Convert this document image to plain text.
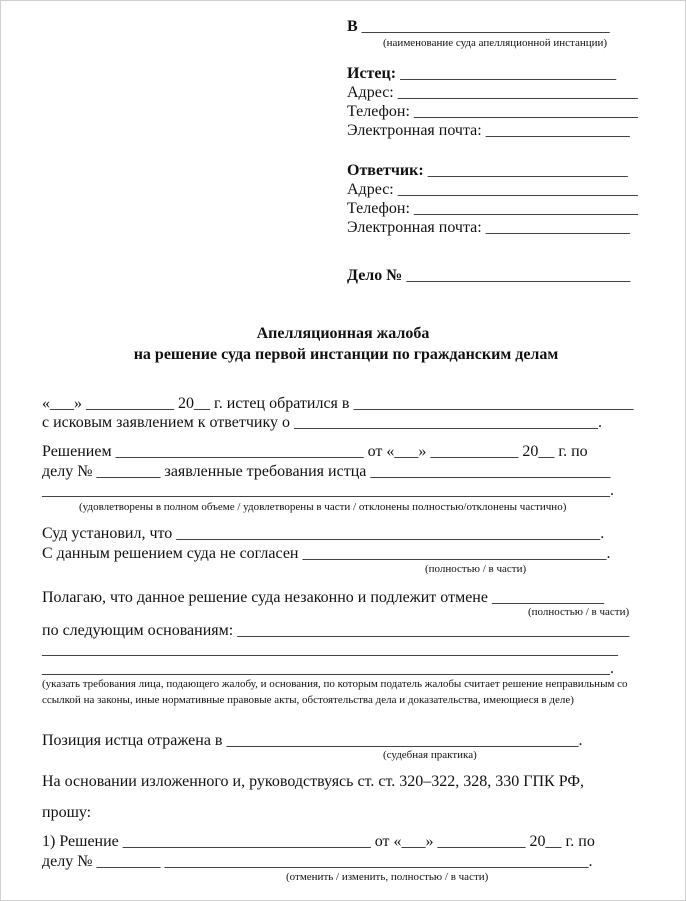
В _______________________________
(наименование суда апелляционной инстанции)
Истец: ___________________________
Адрес: ______________________________
Телефон: ____________________________
Электронная почта: __________________
Ответчик: _________________________
Адрес: ______________________________
Телефон: ____________________________
Электронная почта: __________________
Дело № ____________________________
Апелляционная жалоба
на решение суда первой инстанции по гражданским делам
«___» ___________ 20__ г. истец обратился в ___________________________________
с исковым заявлением к ответчику о ______________________________________.
Решением _______________________________ от «___» ___________ 20__ г. по
делу № ________ заявленные требования истца ______________________________
_______________________________________________________________________.
(удовлетворены в полном объеме / удовлетворены в части / отклонены полностью/отклонены частично)
Суд установил, что _____________________________________________________.
С данным решением суда не согласен ______________________________________.
(полностью / в части)
Полагаю, что данное решение суда незаконно и подлежит отмене ______________
(полностью / в части)
по следующим основаниям: _________________________________________________
________________________________________________________________________
_______________________________________________________________________.
(указать требования лица, подающего жалобу, и основания, по которым податель жалобы считает решение неправильным со ссылкой на законы, иные нормативные правовые акты, обстоятельства дела и доказательства, имеющиеся в деле)
Позиция истца отражена в ____________________________________________.
(судебная практика)
На основании изложенного и, руководствуясь ст. ст. 320–322, 328, 330 ГПК РФ,
прошу:
1) Решение _______________________________ от «___» ___________ 20__ г. по
делу № ________ _____________________________________________________.
(отменить / изменить, полностью / в части)
